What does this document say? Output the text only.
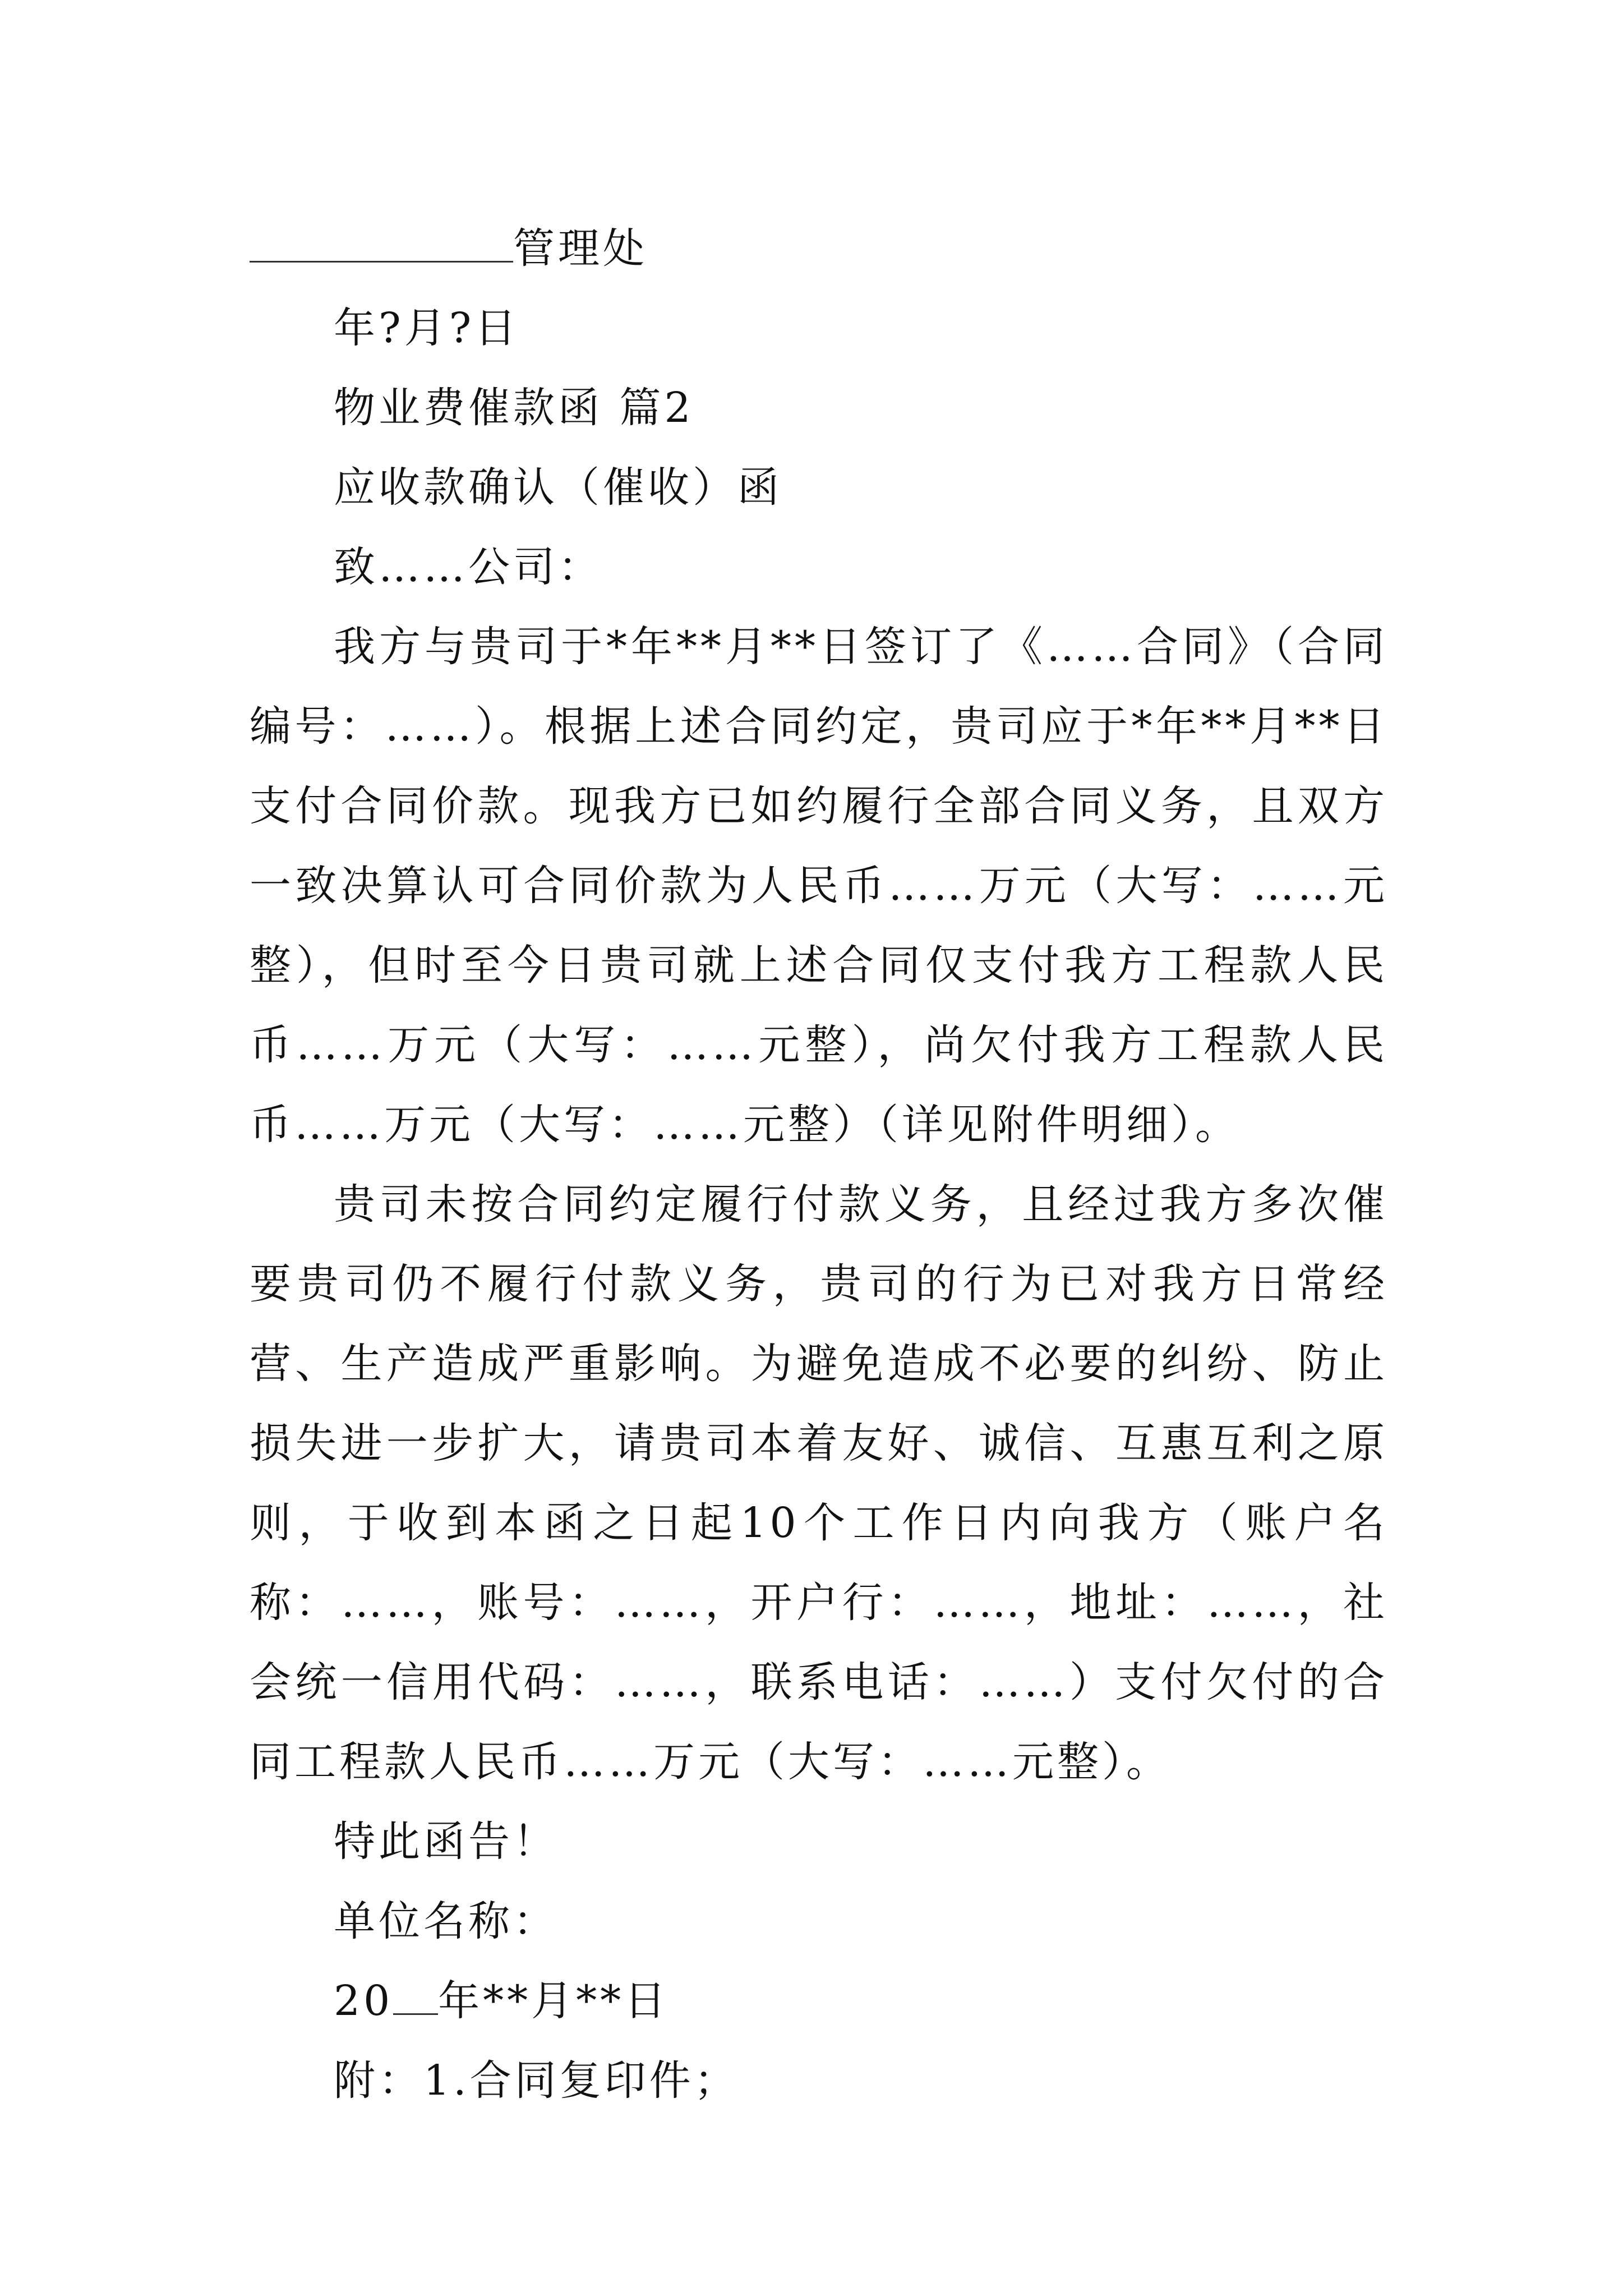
管理处
年?月?日
物业费催款函 篇2
应收款确认（催收）函
致……公司：

我方与贵司于*年**月**日签订了《……合同》（合同编号：……）。根据上述合同约定，贵司应于*年**月**日支付合同价款。现我方已如约履行全部合同义务，且双方一致决算认可合同价款为人民币……万元（大写：……元整），但时至今日贵司就上述合同仅支付我方工程款人民币……万元（大写：……元整），尚欠付我方工程款人民币……万元（大写：……元整）（详见附件明细）。

贵司未按合同约定履行付款义务，且经过我方多次催要贵司仍不履行付款义务，贵司的行为已对我方日常经营、生产造成严重影响。为避免造成不必要的纠纷、防止损失进一步扩大，请贵司本着友好、诚信、互惠互利之原则，于收到本函之日起10个工作日内向我方（账户名称：……，账号：……，开户行：……，地址：……，社会统一信用代码：……，联系电话：……）支付欠付的合同工程款人民币……万元（大写：……元整）。

特此函告！
单位名称：
20 年**月**日
附：1.合同复印件；
